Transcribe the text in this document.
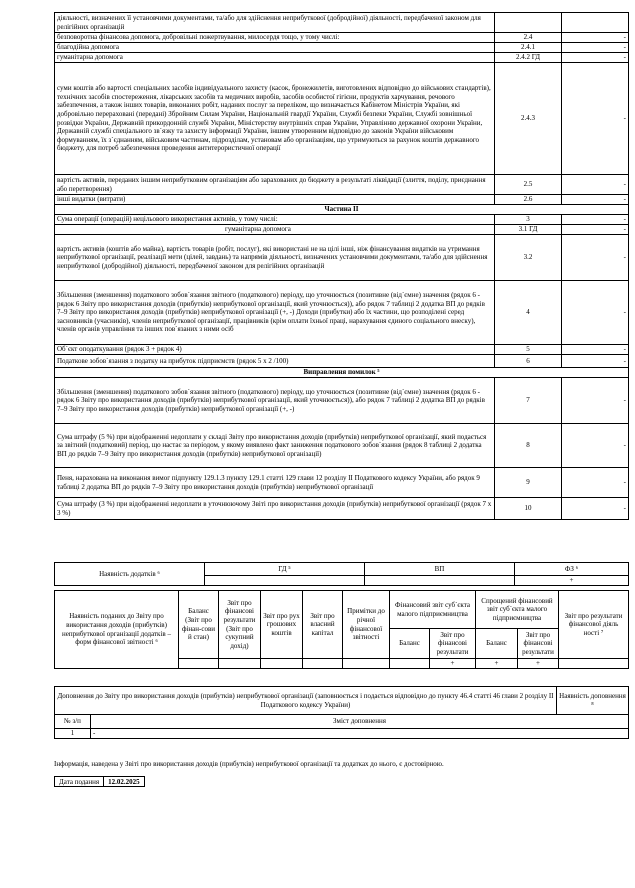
діяльності, визначених її установчими документами, та/або для здійснення неприбуткової (добродійної) діяльності, передбаченої законом для релігійних організацій		
безповоротна фінансова допомога, добровільні пожертвування, милосердя тощо, у тому числі:	2.4	-
благодійна допомога	2.4.1	-
гуманітарна допомога	2.4.2 ГД	-
суми коштів або вартості спеціальних засобів індивідуального захисту (касок, бронежилетів, виготовлених відповідно до військових стандартів), технічних засобів спостереження, лікарських засобів та медичних виробів, засобів особистої гігієни, продуктів харчування, речового забезпечення, а також інших товарів, виконаних робіт, наданих послуг за переліком, що визначається Кабінетом Міністрів України, які добровільно перераховані (передані) Збройним Силам України, Національній гвардії України, Службі безпеки України, Службі зовнішньої розвідки України, Державній прикордонній службі України, Міністерству внутрішніх справ України, Управлінню державної охорони України, Державній службі спеціального зв`язку та захисту інформації України, іншим утворенним відповідно до законів України військовим формуванням, їх з`єднанням, військовим частинам, підрозділам, установам або організаціям, що утримуються за рахунок коштів державного бюджету, для потреб забезпечення проведення антитерористичної операції	2.4.3	-
вартість активів, переданих іншим неприбутковим організаціям або зарахованих до бюджету в результаті ліквідації (злиття, поділу, приєднання або перетворення)	2.5	-
інші видатки (витрати)	2.6	-
Частина ІІ		
Сума операції (операцій) нецільового використання активів, у тому числі:	3	-
гуманітарна допомога	3.1 ГД	-
вартість активів (коштів або майна), вартість товарів (робіт, послуг), які використані не на цілі іншi, ніж фінансування видатків на утримання неприбуткової організації, реалізації мети (цілей, завдань) та напрямів діяльності, визначених установчими документами, та/або для здійснення неприбуткової (добродійної) діяльності, передбаченої законом для релігійних організацій	3.2	-
Збільшення (зменшення) податкового зобов`язання звітного (податкового) періоду, що уточнюється (позитивне (від`ємне) значення (рядок 6 - рядок 6 Звіту про використання доходів (прибутків) неприбуткової організації, який уточнюється)), або рядок 7 таблиці 2 додатка ВП до рядків 7–9 Звіту про використання доходів (прибутків) неприбуткової організації (+, -) Доходи (прибутки) або їх частини, що розподілені серед засновників (учасників), членів неприбуткової організації, працівників (крім оплати їхньої праці, нарахування єдиного соціального внеску), членів органів управління та інших пов`язаних з ними осіб	4	-
Об`єкт оподаткування (рядок 3 + рядок 4)	5	-
Податкове зобов`язання з податку на прибуток підприємств (рядок 5 х 2 /100)	6	-
Виправлення помилок ⁵		
Збільшення (зменшення) податкового зобов`язання звітного (податкового) періоду, що уточнюється (позитивне (від`ємне) значення (рядок 6 - рядок 6 Звіту про використання доходів (прибутків) неприбуткової організації, який уточнюється)), або рядок 7 таблиці 2 додатка ВП до рядків 7–9 Звіту про використання доходів (прибутків) неприбуткової організації (+, -)	7	-
Сума штрафу (5 %) при відображенні недоплати у складі Звіту про використання доходів (прибутків) неприбуткової організації, який подається за звітний (податковий) період, що настає за періодом, у якому виявлено факт заниження податкового зобов`язання (рядок 8 таблиці 2 додатка ВП до рядків 7–9 Звіту про використання доходів (прибутків) неприбуткової організації)	8	-
Пеня, нарахована на виконання вимог підпункту 129.1.3 пункту 129.1 статті 129 глави 12 розділу II Податкового кодексу України, або рядок 9 таблиці 2 додатка ВП до рядків 7–9 Звіту про використання доходів (прибутків) неприбуткової організації	9	-
Сума штрафу (3 %) при відображенні недоплати в уточнюючому Звіті про використання доходів (прибутків) неприбуткової організації (рядок 7 х 3 %)	10	-
Наявність додатків ⁶	ГД ⁵	ВП	ФЗ ⁶
			+
Наявність поданих до Звіту про використання доходів (прибутків) неприбуткової організації додатків – форм фінансової звітності ⁶	Баланс (Звіт про фінан-сови й стан)	Звіт про фінансові результати (Звіт про сукупний дохід)	Звіт про рух грошових коштів	Звіт про власний капітал	Примітки до річної фінансової звітності	Фінансовий звіт суб`єкта малого підприємництва		Спрощений фінансовий звіт суб`єкта малого підприємництва		Звіт про результати фінансової діяль ності ⁷
						Баланс	Звіт про фінансові результати	Баланс	Звіт про фінансові результати	
							+	+	+	
Доповнення до Звіту про використання доходів (прибутків) неприбуткової організації (заповнюється і подається відповідно до пункту 46.4 статті 46 глави 2 розділу II Податкового кодексу України)		Наявність доповнення ⁸
№ з/п	Зміст доповнення	
1	-	
Інформація, наведена у Звіті про використання доходів (прибутків) неприбуткової організації та додатках до нього, є достовірною.
Дата подання	12.02.2025
